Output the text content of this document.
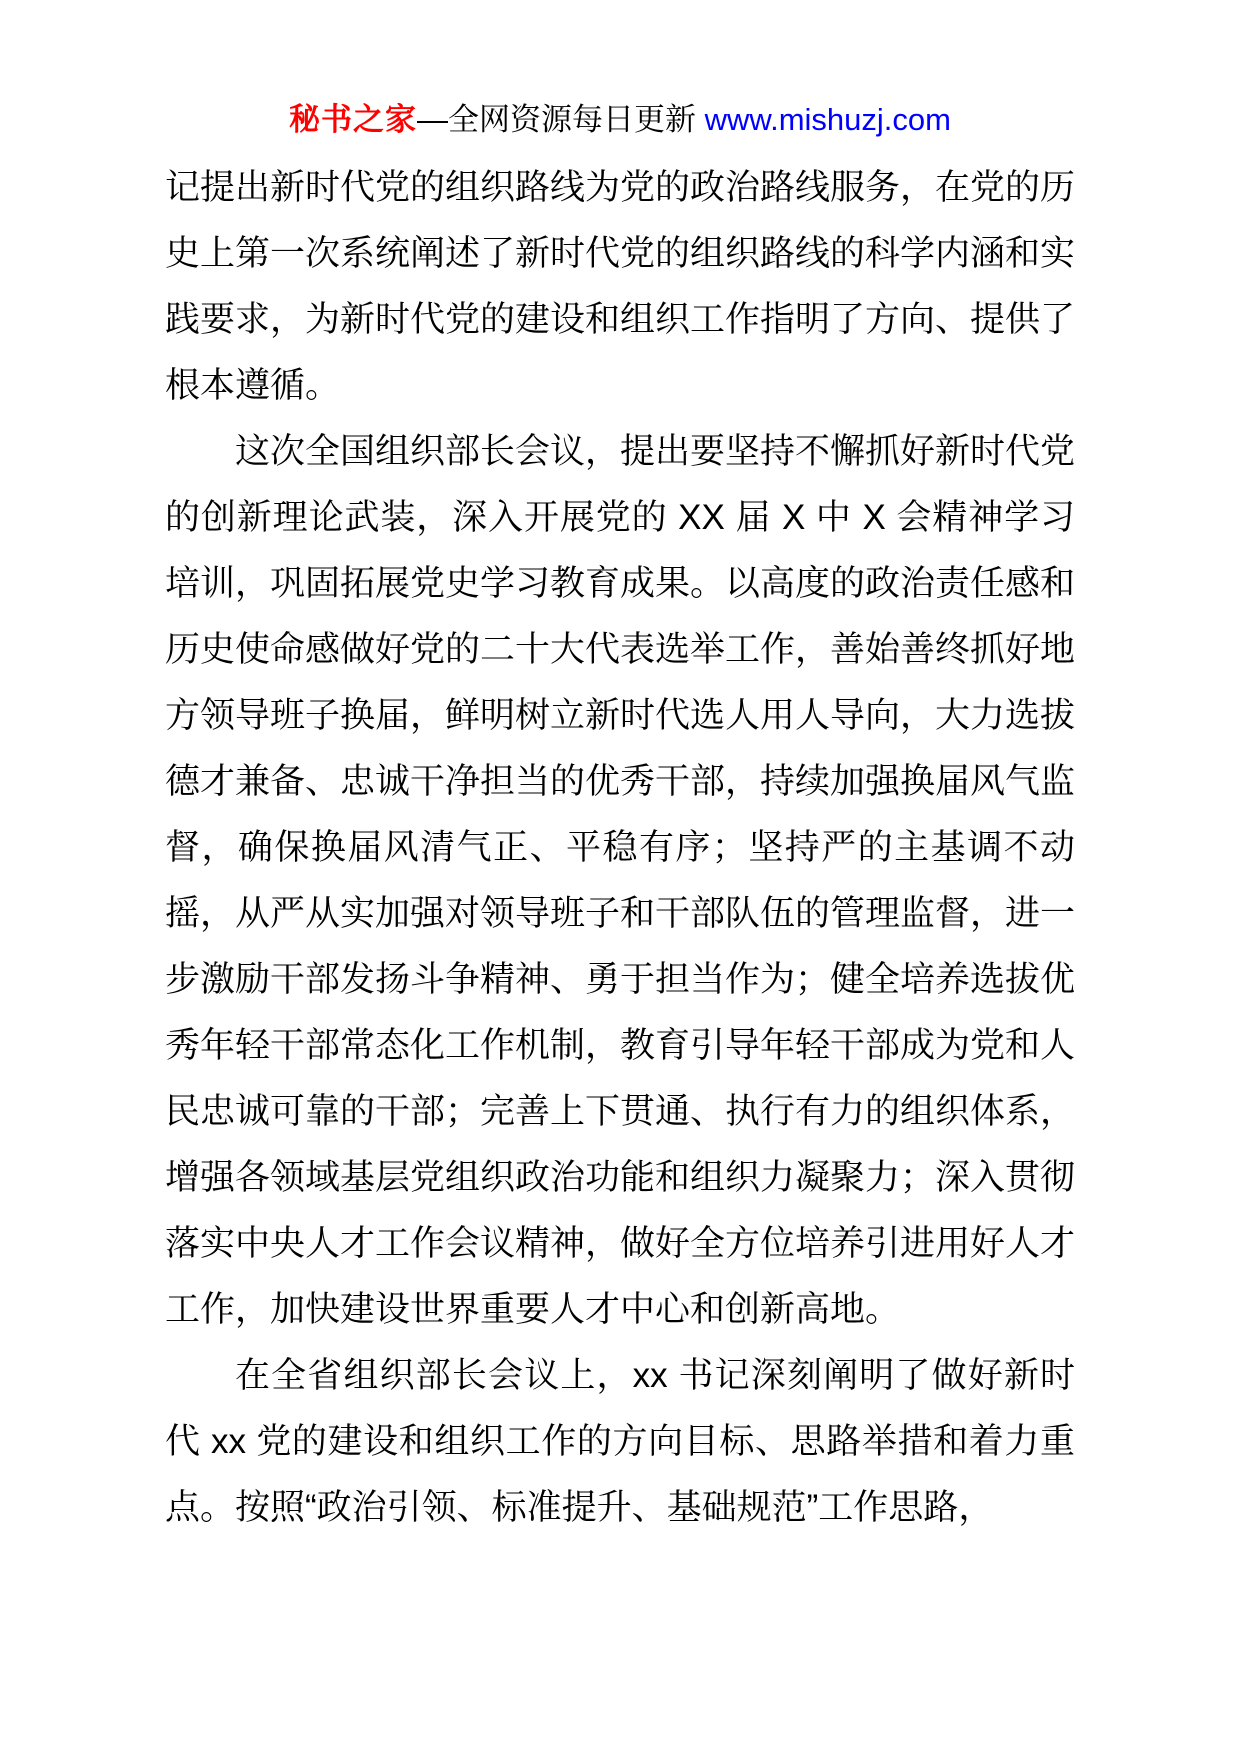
秘书之家—全网资源每日更新 www.mishuzj.com

记提出新时代党的组织路线为党的政治路线服务，在党的历史上第一次系统阐述了新时代党的组织路线的科学内涵和实践要求，为新时代党的建设和组织工作指明了方向、提供了根本遵循。

这次全国组织部长会议，提出要坚持不懈抓好新时代党的创新理论武装，深入开展党的 XX 届 X 中 X 会精神学习培训，巩固拓展党史学习教育成果。以高度的政治责任感和历史使命感做好党的二十大代表选举工作，善始善终抓好地方领导班子换届，鲜明树立新时代选人用人导向，大力选拔德才兼备、忠诚干净担当的优秀干部，持续加强换届风气监督，确保换届风清气正、平稳有序；坚持严的主基调不动摇，从严从实加强对领导班子和干部队伍的管理监督，进一步激励干部发扬斗争精神、勇于担当作为；健全培养选拔优秀年轻干部常态化工作机制，教育引导年轻干部成为党和人民忠诚可靠的干部；完善上下贯通、执行有力的组织体系，增强各领域基层党组织政治功能和组织力凝聚力；深入贯彻落实中央人才工作会议精神，做好全方位培养引进用好人才工作，加快建设世界重要人才中心和创新高地。

在全省组织部长会议上，xx 书记深刻阐明了做好新时代 xx 党的建设和组织工作的方向目标、思路举措和着力重点。按照“政治引领、标准提升、基础规范”工作思路，
